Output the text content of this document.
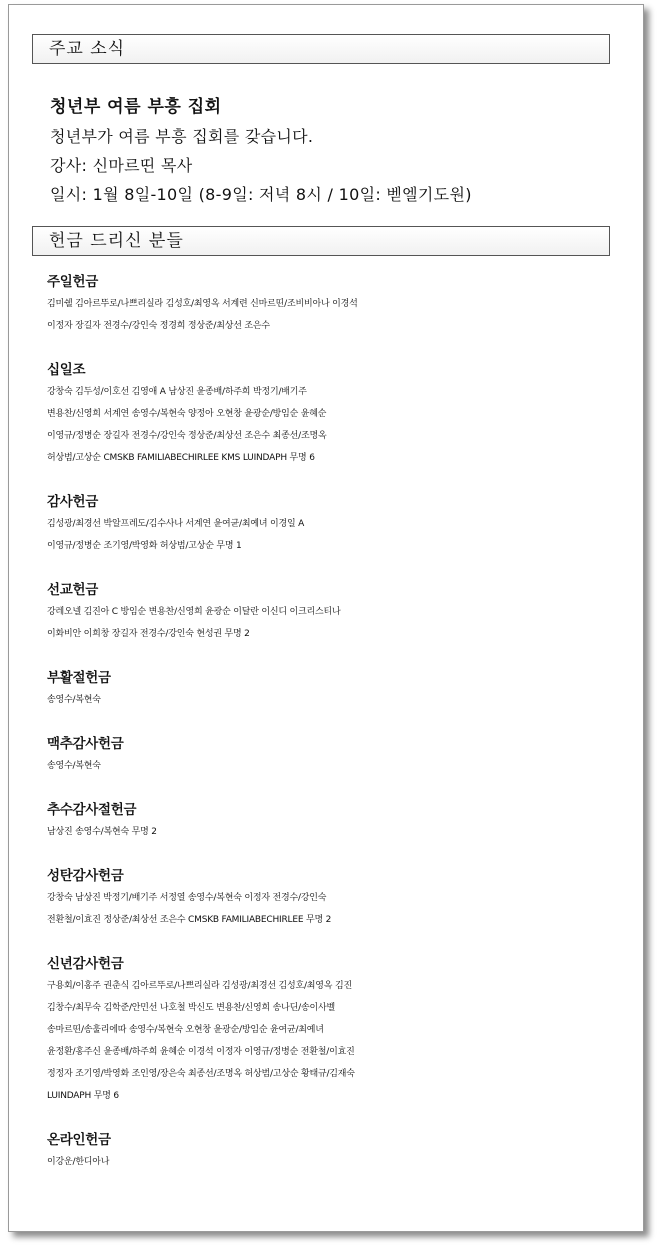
주교 소식
청년부 여름 부흥 집회
청년부가 여름 부흥 집회를 갖습니다.
강사: 신마르띤 목사
일시: 1월 8일-10일 (8-9일: 저녁 8시 / 10일: 벧엘기도원)
헌금 드리신 분들
주일헌금
김미쉘 김아르뚜로/나쁘리실라 김성호/최영옥 서계련 신마르띤/조비비아나 이경석
이정자 장길자 전경수/강인숙 정경희 정상준/최상선 조은수
십일조
강창숙 김두성/이호선 김영애 A 남상진 윤종배/하주희 박정기/배기주
변용찬/신영희 서계연 송영수/복현숙 양정아 오현창 윤광순/방임순 윤혜순
이영규/정병순 장길자 전경수/강인숙 정상준/최상선 조은수 최종선/조명옥
허상범/고상순 CMSKB FAMILIABECHIRLEE KMS LUINDAPH 무명 6
감사헌금
김성광/최경선 박알프레도/김수사나 서계연 윤여균/최예녀 이경일 A
이영규/정병순 조기영/박영화 허상범/고상순 무명 1
선교헌금
강레오넬 김진아 C 방임순 변용찬/신영희 윤광순 이달란 이신디 이크리스티나
이화비안 이희창 장길자 전경수/강인숙 현성권 무명 2
부활절헌금
송영수/복현숙
맥추감사헌금
송영수/복현숙
추수감사절헌금
남상진 송영수/복현숙 무명 2
성탄감사헌금
강창숙 남상진 박정기/배기주 서정열 송영수/복현숙 이정자 전경수/강인숙
전환철/이효진 정상준/최상선 조은수 CMSKB FAMILIABECHIRLEE 무명 2
신년감사헌금
구용회/이홍주 권춘식 김아르뚜로/나쁘리실라 김성광/최경선 김성호/최영옥 김진
김창수/최무숙 김학준/안민선 나호철 박신도 변용찬/신영희 송나딘/송이사벨
송마르띤/송훌리에따 송영수/복현숙 오현창 윤광순/방임순 윤여균/최예녀
윤정환/홍주신 윤종배/하주희 윤혜순 이경석 이정자 이영규/정병순 전환철/이효진
정정자 조기영/박영화 조인영/장은숙 최종선/조명옥 허상범/고상순 황태규/김재숙
LUINDAPH 무명 6
온라인헌금
이강운/한디아나
